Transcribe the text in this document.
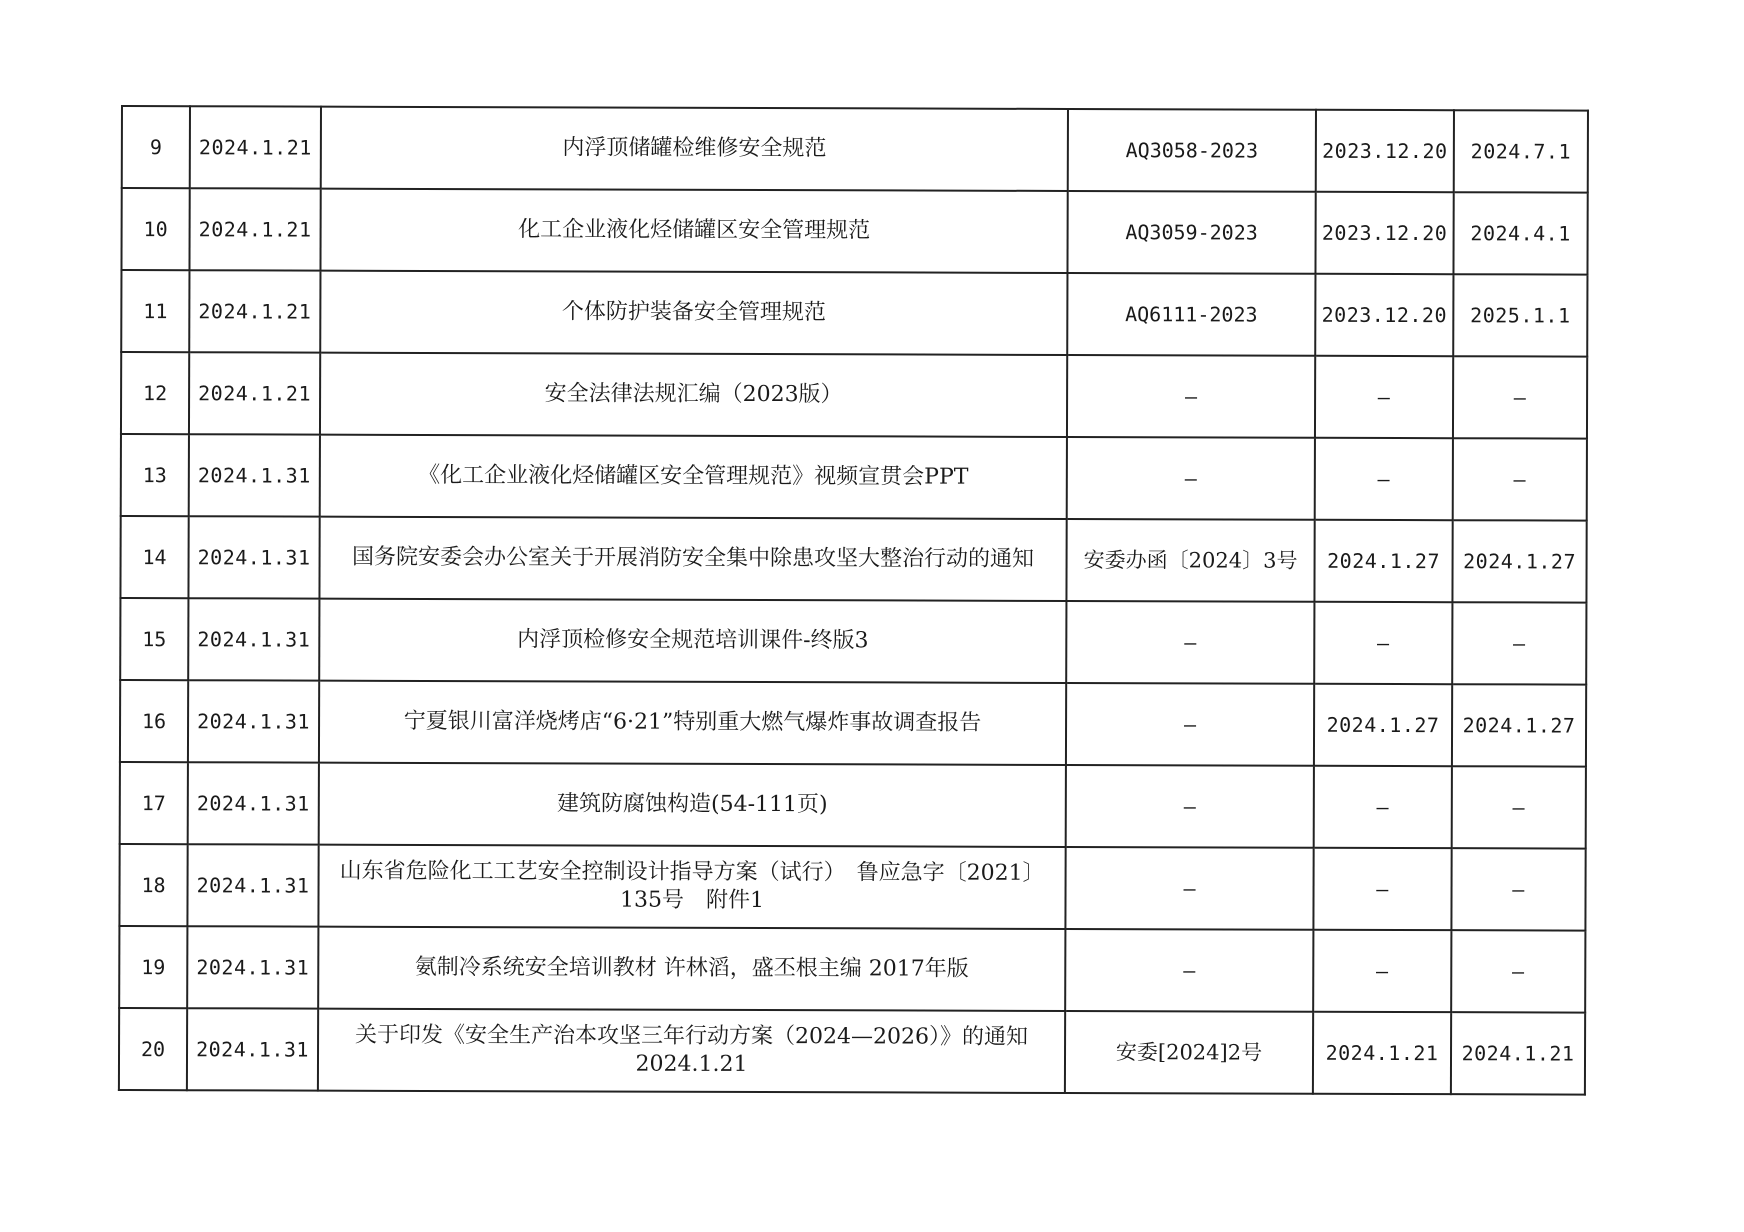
9	2024.1.21	内浮顶储罐检维修安全规范	AQ3058-2023	2023.12.20	2024.7.1
10	2024.1.21	化工企业液化烃储罐区安全管理规范	AQ3059-2023	2023.12.20	2024.4.1
11	2024.1.21	个体防护装备安全管理规范	AQ6111-2023	2023.12.20	2025.1.1
12	2024.1.21	安全法律法规汇编（2023版）	—	—	—
13	2024.1.31	《化工企业液化烃储罐区安全管理规范》视频宣贯会PPT	—	—	—
14	2024.1.31	国务院安委会办公室关于开展消防安全集中除患攻坚大整治行动的通知	安委办函〔2024〕3号	2024.1.27	2024.1.27
15	2024.1.31	内浮顶检修安全规范培训课件-终版3	—	—	—
16	2024.1.31	宁夏银川富洋烧烤店“6·21”特别重大燃气爆炸事故调查报告	—	2024.1.27	2024.1.27
17	2024.1.31	建筑防腐蚀构造(54-111页)	—	—	—
18	2024.1.31	山东省危险化工工艺安全控制设计指导方案（试行）　鲁应急字〔2021〕135号　附件1	—	—	—
19	2024.1.31	氨制冷系统安全培训教材 许林滔，盛丕根主编 2017年版	—	—	—
20	2024.1.31	关于印发《安全生产治本攻坚三年行动方案（2024—2026）》的通知 2024.1.21	安委[2024]2号	2024.1.21	2024.1.21
